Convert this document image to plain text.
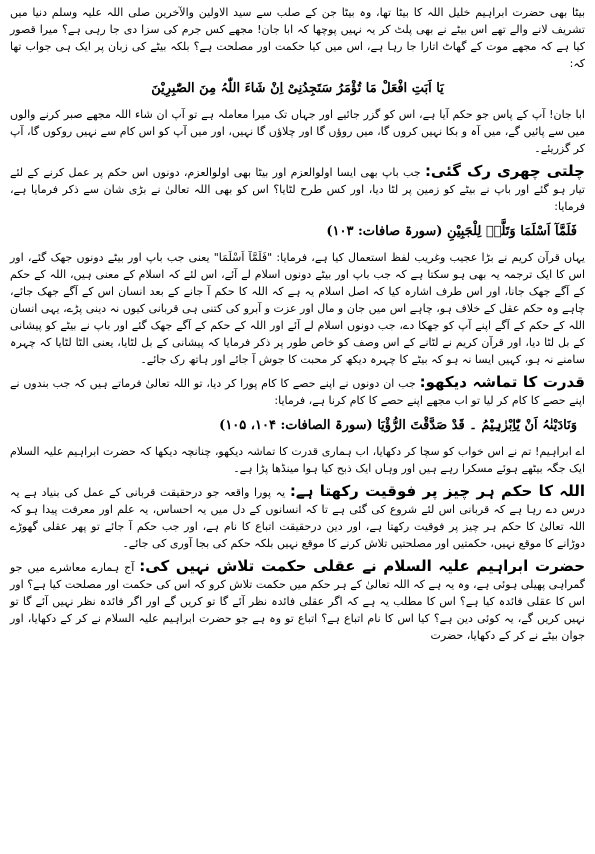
بیٹا بھی حضرت ابراہیم خلیل اللہ کا بیٹا تھا، وہ بیٹا جن کے صلب سے سید الاولین والآخرین صلی اللہ علیہ وسلم دنیا میں تشریف لانے والے تھے اس بیٹے نے بھی پلٹ کر یہ نہیں پوچھا کہ ابا جان! مجھے کس جرم کی سزا دی جا رہی ہے؟ میرا قصور کیا ہے کہ مجھے موت کے گھاٹ اتارا جا رہا ہے، اس میں کیا حکمت اور مصلحت ہے؟ بلکہ بیٹے کی زبان پر ایک ہی جواب تھا کہ:

یَا اَبَتِ افْعَلْ مَا تُؤْمَرُ سَتَجِدُنِیْ اِنْ شَاءَ اللّٰہُ مِنَ الصّٰبِرِیْنَ

ابا جان! آپ کے پاس جو حکم آیا ہے، اس کو گزر جائیے اور جہاں تک میرا معاملہ ہے تو آپ ان شاء اللہ مجھے صبر کرنے والوں میں سے پائیں گے، میں آہ و بکا نہیں کروں گا، میں روؤں گا اور چلاؤں گا نہیں، اور میں آپ کو اس کام سے نہیں روکوں گا، آپ کر گزریئے۔

چلتی چھری رک گئی: جب باپ بھی ایسا اولوالعزم اور بیٹا بھی اولوالعزم، دونوں اس حکم پر عمل کرنے کے لئے تیار ہو گئے اور باپ نے بیٹے کو زمین پر لٹا دیا، اور کس طرح لٹایا؟ اس کو بھی اللہ تعالیٰ نے بڑی شان سے ذکر فرمایا ہے، فرمایا:

فَلَمَّآ اَسْلَمَا وَتَلَّہٗ لِلْجَبِیْنِ (سورۃ صافات: ۱۰۳)

یہاں قرآن کریم نے بڑا عجیب وغریب لفظ استعمال کیا ہے، فرمایا: "فَلَمَّآ اَسْلَمَا" یعنی جب باپ اور بیٹے دونوں جھک گئے، اور اس کا ایک ترجمہ یہ بھی ہو سکتا ہے کہ جب باپ اور بیٹے دونوں اسلام لے آئے، اس لئے کہ اسلام کے معنی ہیں، اللہ کے حکم کے آگے جھک جانا، اور اس طرف اشارہ کیا کہ اصل اسلام یہ ہے کہ اللہ کا حکم آ جانے کے بعد انسان اس کے آگے جھک جائے، چاہے وہ حکم عقل کے خلاف ہو، چاہے اس میں جان و مال اور عزت و آبرو کی کتنی ہی قربانی کیوں نہ دینی پڑے، یہی انسان اللہ کے حکم کے آگے اپنے آپ کو جھکا دے، جب دونوں اسلام لے آئے اور اللہ کے حکم کے آگے جھک گئے اور باپ نے بیٹے کو پیشانی کے بل لٹا دیا، اور قرآن کریم نے لٹانے کے اس وصف کو خاص طور پر ذکر فرمایا کہ پیشانی کے بل لٹایا، یعنی الٹا لٹایا کہ چہرہ سامنے نہ ہو، کہیں ایسا نہ ہو کہ بیٹے کا چہرہ دیکھ کر محبت کا جوش آ جائے اور ہاتھ رک جائے۔

قدرت کا تماشہ دیکھو: جب ان دونوں نے اپنے حصے کا کام پورا کر دیا، تو اللہ تعالیٰ فرماتے ہیں کہ جب بندوں نے اپنے حصے کا کام کر لیا تو اب مجھے اپنے حصے کا کام کرنا ہے، فرمایا:

وَنَادَیْنٰہُ اَنْ یّٰاِبْرٰہِیْمُ ۔ قَدْ صَدَّقْتَ الرُّؤْیَا (سورۃ الصافات: ۱۰۴، ۱۰۵)

اے ابراہیم! تم نے اس خواب کو سچا کر دکھایا، اب ہماری قدرت کا تماشہ دیکھو، چنانچہ دیکھا کہ حضرت ابراہیم علیہ السلام ایک جگہ بیٹھے ہوئے مسکرا رہے ہیں اور وہاں ایک ذبح کیا ہوا مینڈھا پڑا ہے۔

اللہ کا حکم ہر چیز پر فوقیت رکھتا ہے: یہ پورا واقعہ جو درحقیقت قربانی کے عمل کی بنیاد ہے یہ درس دے رہا ہے کہ قربانی اس لئے شروع کی گئی ہے تا کہ انسانوں کے دل میں یہ احساس، یہ علم اور معرفت پیدا ہو کہ اللہ تعالیٰ کا حکم ہر چیز پر فوقیت رکھتا ہے، اور دین درحقیقت اتباع کا نام ہے، اور جب حکم آ جائے تو پھر عقلی گھوڑے دوڑانے کا موقع نہیں، حکمتیں اور مصلحتیں تلاش کرنے کا موقع نہیں بلکہ حکم کی بجا آوری کی جائے۔

حضرت ابراہیم علیہ السلام نے عقلی حکمت تلاش نہیں کی: آج ہمارے معاشرے میں جو گمراہی پھیلی ہوئی ہے، وہ یہ ہے کہ اللہ تعالیٰ کے ہر حکم میں حکمت تلاش کرو کہ اس کی حکمت اور مصلحت کیا ہے؟ اور اس کا عقلی فائدہ کیا ہے؟ اس کا مطلب یہ ہے کہ اگر عقلی فائدہ نظر آئے گا تو کریں گے اور اگر فائدہ نظر نہیں آئے گا تو نہیں کریں گے، یہ کوئی دین ہے؟ کیا اس کا نام اتباع ہے؟ اتباع تو وہ ہے جو حضرت ابراہیم علیہ السلام نے کر کے دکھایا، اور جوان بیٹے نے کر کے دکھایا، حضرت
